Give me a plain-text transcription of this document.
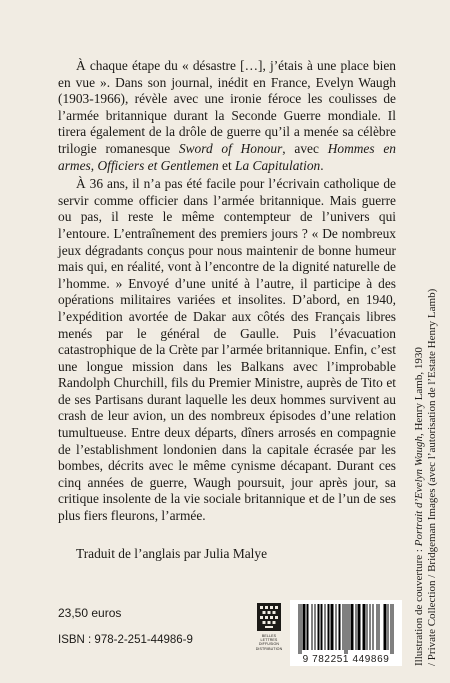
À chaque étape du « désastre […], j’étais à une place bien en vue ». Dans son journal, inédit en France, Evelyn Waugh (1903-1966), révèle avec une ironie féroce les coulisses de l’armée britannique durant la Seconde Guerre mondiale. Il tirera également de la drôle de guerre qu’il a menée sa célèbre trilogie romanesque Sword of Honour, avec Hommes en armes, Officiers et Gentlemen et La Capitulation.

À 36 ans, il n’a pas été facile pour l’écrivain catholique de servir comme officier dans l’armée britannique. Mais guerre ou pas, il reste le même contempteur de l’univers qui l’entoure. L’entraînement des premiers jours ? « De nombreux jeux dégradants conçus pour nous maintenir de bonne humeur mais qui, en réalité, vont à l’encontre de la dignité naturelle de l’homme. » Envoyé d’une unité à l’autre, il participe à des opérations militaires variées et insolites. D’abord, en 1940, l’expédition avortée de Dakar aux côtés des Français libres menés par le général de Gaulle. Puis l’évacuation catastrophique de la Crète par l’armée britannique. Enfin, c’est une longue mission dans les Balkans avec l’improbable Randolph Churchill, fils du Premier Ministre, auprès de Tito et de ses Partisans durant laquelle les deux hommes survivent au crash de leur avion, un des nombreux épisodes d’une relation tumultueuse. Entre deux départs, dîners arrosés en compagnie de l’establishment londonien dans la capitale écrasée par les bombes, décrits avec le même cynisme décapant. Durant ces cinq années de guerre, Waugh poursuit, jour après jour, sa critique insolente de la vie sociale britannique et de l’un de ses plus fiers fleurons, l’armée.

Traduit de l’anglais par Julia Malye
23,50 euros
ISBN : 978-2-251-44986-9	BELLES LETTRES
DIFFUSION
DISTRIBUTION
9 782251 449869	Illustration de couverture : Portrait d’Evelyn Waugh, Henry Lamb, 1930 / Private Collection / Bridgeman Images (avec l’autorisation de l’Estate Henry Lamb)
